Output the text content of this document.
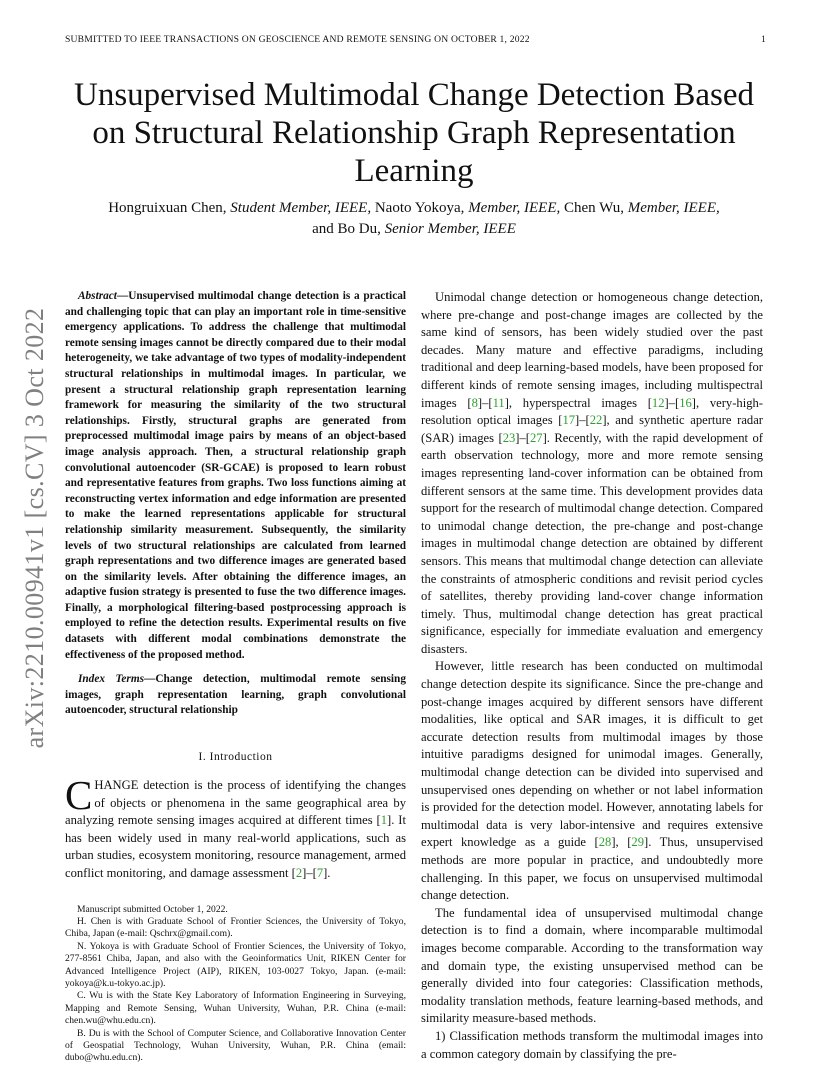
SUBMITTED TO IEEE TRANSACTIONS ON GEOSCIENCE AND REMOTE SENSING ON OCTOBER 1, 2022	1
arXiv:2210.00941v1 [cs.CV] 3 Oct 2022
Unsupervised Multimodal Change Detection Based on Structural Relationship Graph Representation Learning
Hongruixuan Chen, Student Member, IEEE, Naoto Yokoya, Member, IEEE, Chen Wu, Member, IEEE,
and Bo Du, Senior Member, IEEE

Abstract—Unsupervised multimodal change detection is a practical and challenging topic that can play an important role in time-sensitive emergency applications. To address the challenge that multimodal remote sensing images cannot be directly compared due to their modal heterogeneity, we take advantage of two types of modality-independent structural relationships in multimodal images. In particular, we present a structural relationship graph representation learning framework for measuring the similarity of the two structural relationships. Firstly, structural graphs are generated from preprocessed multimodal image pairs by means of an object-based image analysis approach. Then, a structural relationship graph convolutional autoencoder (SR-GCAE) is proposed to learn robust and representative features from graphs. Two loss functions aiming at reconstructing vertex information and edge information are presented to make the learned representations applicable for structural relationship similarity measurement. Subsequently, the similarity levels of two structural relationships are calculated from learned graph representations and two difference images are generated based on the similarity levels. After obtaining the difference images, an adaptive fusion strategy is presented to fuse the two difference images. Finally, a morphological filtering-based postprocessing approach is employed to refine the detection results. Experimental results on five datasets with different modal combinations demonstrate the effectiveness of the proposed method.

Index Terms—Change detection, multimodal remote sensing images, graph representation learning, graph convolutional autoencoder, structural relationship

I. Introduction

CHANGE detection is the process of identifying the changes of objects or phenomena in the same geographical area by analyzing remote sensing images acquired at different times [1]. It has been widely used in many real-world applications, such as urban studies, ecosystem monitoring, resource management, armed conflict monitoring, and damage assessment [2]–[7].

Manuscript submitted October 1, 2022.

H. Chen is with Graduate School of Frontier Sciences, the University of Tokyo, Chiba, Japan (e-mail: Qschrx@gmail.com).

N. Yokoya is with Graduate School of Frontier Sciences, the University of Tokyo, 277-8561 Chiba, Japan, and also with the Geoinformatics Unit, RIKEN Center for Advanced Intelligence Project (AIP), RIKEN, 103-0027 Tokyo, Japan. (e-mail: yokoya@k.u-tokyo.ac.jp).

C. Wu is with the State Key Laboratory of Information Engineering in Surveying, Mapping and Remote Sensing, Wuhan University, Wuhan, P.R. China (e-mail: chen.wu@whu.edu.cn).

B. Du is with the School of Computer Science, and Collaborative Innovation Center of Geospatial Technology, Wuhan University, Wuhan, P.R. China (email: dubo@whu.edu.cn).

Unimodal change detection or homogeneous change detection, where pre-change and post-change images are collected by the same kind of sensors, has been widely studied over the past decades. Many mature and effective paradigms, including traditional and deep learning-based models, have been proposed for different kinds of remote sensing images, including multispectral images [8]–[11], hyperspectral images [12]–[16], very-high-resolution optical images [17]–[22], and synthetic aperture radar (SAR) images [23]–[27]. Recently, with the rapid development of earth observation technology, more and more remote sensing images representing land-cover information can be obtained from different sensors at the same time. This development provides data support for the research of multimodal change detection. Compared to unimodal change detection, the pre-change and post-change images in multimodal change detection are obtained by different sensors. This means that multimodal change detection can alleviate the constraints of atmospheric conditions and revisit period cycles of satellites, thereby providing land-cover change information timely. Thus, multimodal change detection has great practical significance, especially for immediate evaluation and emergency disasters.

However, little research has been conducted on multimodal change detection despite its significance. Since the pre-change and post-change images acquired by different sensors have different modalities, like optical and SAR images, it is difficult to get accurate detection results from multimodal images by those intuitive paradigms designed for unimodal images. Generally, multimodal change detection can be divided into supervised and unsupervised ones depending on whether or not label information is provided for the detection model. However, annotating labels for multimodal data is very labor-intensive and requires extensive expert knowledge as a guide [28], [29]. Thus, unsupervised methods are more popular in practice, and undoubtedly more challenging. In this paper, we focus on unsupervised multimodal change detection.

The fundamental idea of unsupervised multimodal change detection is to find a domain, where incomparable multimodal images become comparable. According to the transformation way and domain type, the existing unsupervised method can be generally divided into four categories: Classification methods, modality translation methods, feature learning-based methods, and similarity measure-based methods.

1) Classification methods transform the multimodal images into a common category domain by classifying the pre-
